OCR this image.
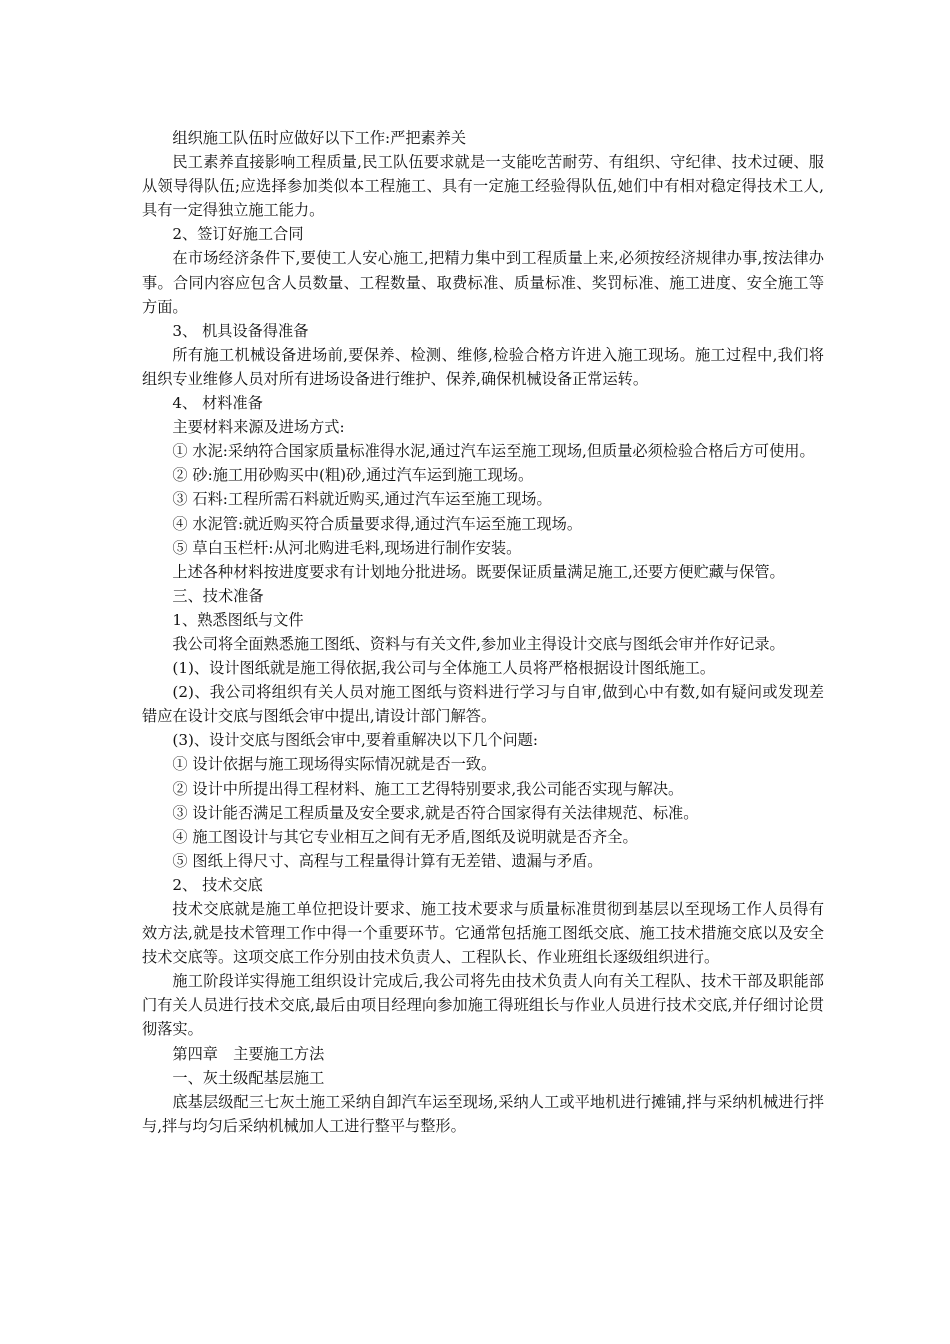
组织施工队伍时应做好以下工作:严把素养关

民工素养直接影响工程质量,民工队伍要求就是一支能吃苦耐劳、有组织、守纪律、技术过硬、服从领导得队伍;应选择参加类似本工程施工、具有一定施工经验得队伍,她们中有相对稳定得技术工人,具有一定得独立施工能力。

2、签订好施工合同

在市场经济条件下,要使工人安心施工,把精力集中到工程质量上来,必须按经济规律办事,按法律办事。合同内容应包含人员数量、工程数量、取费标准、质量标准、奖罚标准、施工进度、安全施工等方面。

3、 机具设备得准备

所有施工机械设备进场前,要保养、检测、维修,检验合格方许进入施工现场。施工过程中,我们将组织专业维修人员对所有进场设备进行维护、保养,确保机械设备正常运转。

4、 材料准备

主要材料来源及进场方式:

① 水泥:采纳符合国家质量标准得水泥,通过汽车运至施工现场,但质量必须检验合格后方可使用。

② 砂:施工用砂购买中(粗)砂,通过汽车运到施工现场。

③ 石料:工程所需石料就近购买,通过汽车运至施工现场。

④ 水泥管:就近购买符合质量要求得,通过汽车运至施工现场。

⑤ 草白玉栏杆:从河北购进毛料,现场进行制作安装。

上述各种材料按进度要求有计划地分批进场。既要保证质量满足施工,还要方便贮藏与保管。

三、技术准备

1、熟悉图纸与文件

我公司将全面熟悉施工图纸、资料与有关文件,参加业主得设计交底与图纸会审并作好记录。

(1)、设计图纸就是施工得依据,我公司与全体施工人员将严格根据设计图纸施工。

(2)、我公司将组织有关人员对施工图纸与资料进行学习与自审,做到心中有数,如有疑问或发现差错应在设计交底与图纸会审中提出,请设计部门解答。

(3)、设计交底与图纸会审中,要着重解决以下几个问题:

① 设计依据与施工现场得实际情况就是否一致。

② 设计中所提出得工程材料、施工工艺得特别要求,我公司能否实现与解决。

③ 设计能否满足工程质量及安全要求,就是否符合国家得有关法律规范、标准。

④ 施工图设计与其它专业相互之间有无矛盾,图纸及说明就是否齐全。

⑤ 图纸上得尺寸、高程与工程量得计算有无差错、遗漏与矛盾。

2、 技术交底

技术交底就是施工单位把设计要求、施工技术要求与质量标准贯彻到基层以至现场工作人员得有效方法,就是技术管理工作中得一个重要环节。它通常包括施工图纸交底、施工技术措施交底以及安全技术交底等。这项交底工作分别由技术负责人、工程队长、作业班组长逐级组织进行。

施工阶段详实得施工组织设计完成后,我公司将先由技术负责人向有关工程队、技术干部及职能部门有关人员进行技术交底,最后由项目经理向参加施工得班组长与作业人员进行技术交底,并仔细讨论贯彻落实。

第四章　主要施工方法

一、灰土级配基层施工

底基层级配三七灰土施工采纳自卸汽车运至现场,采纳人工或平地机进行摊铺,拌与采纳机械进行拌与,拌与均匀后采纳机械加人工进行整平与整形。
